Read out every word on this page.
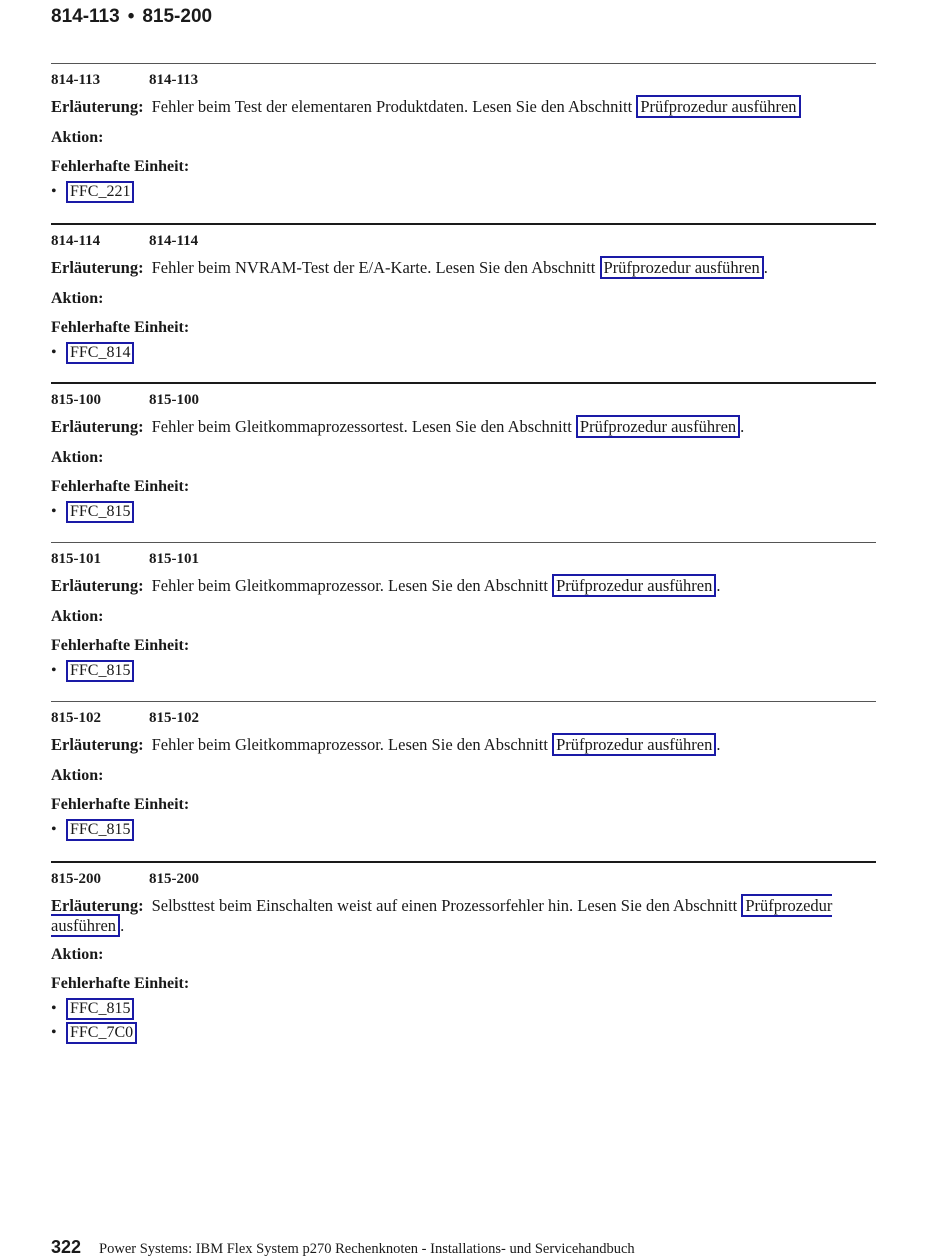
814-113 • 815-200
814-113	814-113
Erläuterung: Fehler beim Test der elementaren Produktdaten. Lesen Sie den Abschnitt Prüfprozedur ausführen
Aktion:
Fehlerhafte Einheit:
• FFC_221
814-114	814-114
Erläuterung: Fehler beim NVRAM-Test der E/A-Karte. Lesen Sie den Abschnitt Prüfprozedur ausführen .
Aktion:
Fehlerhafte Einheit:
• FFC_814
815-100	815-100
Erläuterung: Fehler beim Gleitkommaprozessortest. Lesen Sie den Abschnitt Prüfprozedur ausführen .
Aktion:
Fehlerhafte Einheit:
• FFC_815
815-101	815-101
Erläuterung: Fehler beim Gleitkommaprozessor. Lesen Sie den Abschnitt Prüfprozedur ausführen .
Aktion:
Fehlerhafte Einheit:
• FFC_815
815-102	815-102
Erläuterung: Fehler beim Gleitkommaprozessor. Lesen Sie den Abschnitt Prüfprozedur ausführen .
Aktion:
Fehlerhafte Einheit:
• FFC_815
815-200	815-200
Erläuterung: Selbsttest beim Einschalten weist auf einen Prozessorfehler hin. Lesen Sie den Abschnitt Prüfprozedur ausführen .
Aktion:
Fehlerhafte Einheit:
• FFC_815
• FFC_7C0
322 Power Systems: IBM Flex System p270 Rechenknoten - Installations- und Servicehandbuch
